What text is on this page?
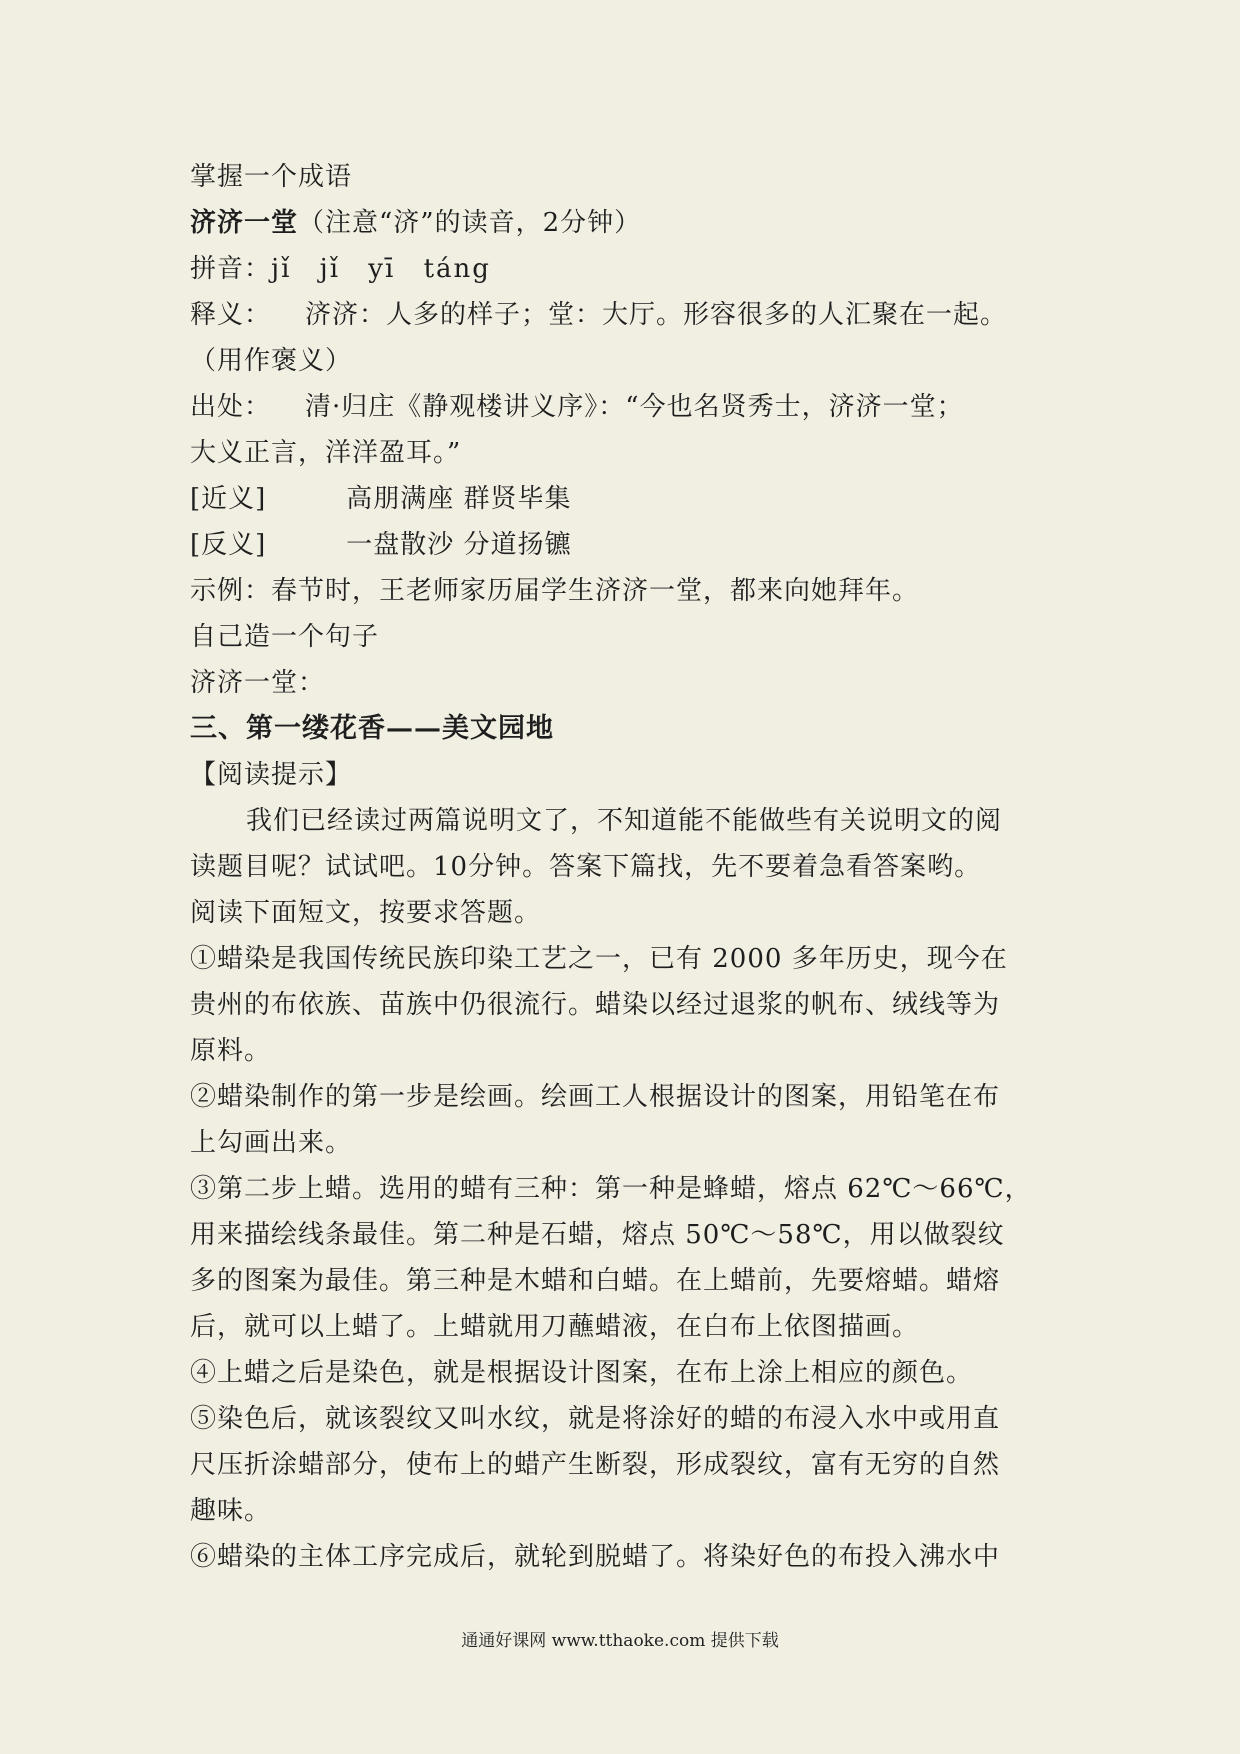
掌握一个成语
济济一堂（注意“济”的读音，2分钟）
拼音：jǐ jǐ yī táng
释义： 济济：人多的样子；堂：大厅。形容很多的人汇聚在一起。
（用作褒义）
出处： 清·归庄《静观楼讲义序》：“今也名贤秀士，济济一堂；
大义正言，洋洋盈耳。”
[近义]	高朋满座 群贤毕集
[反义]	一盘散沙 分道扬镳
示例：春节时，王老师家历届学生济济一堂，都来向她拜年。
自己造一个句子
济济一堂：
三、第一缕花香——美文园地
【阅读提示】
我们已经读过两篇说明文了，不知道能不能做些有关说明文的阅
读题目呢？试试吧。10分钟。答案下篇找，先不要着急看答案哟。
阅读下面短文，按要求答题。
①蜡染是我国传统民族印染工艺之一，已有 2000 多年历史，现今在
贵州的布依族、苗族中仍很流行。蜡染以经过退浆的帆布、绒线等为
原料。
②蜡染制作的第一步是绘画。绘画工人根据设计的图案，用铅笔在布
上勾画出来。
③第二步上蜡。选用的蜡有三种：第一种是蜂蜡，熔点 62℃～66℃，
用来描绘线条最佳。第二种是石蜡，熔点 50℃～58℃，用以做裂纹
多的图案为最佳。第三种是木蜡和白蜡。在上蜡前，先要熔蜡。蜡熔
后，就可以上蜡了。上蜡就用刀蘸蜡液，在白布上依图描画。
④上蜡之后是染色，就是根据设计图案，在布上涂上相应的颜色。
⑤染色后，就该裂纹又叫水纹，就是将涂好的蜡的布浸入水中或用直
尺压折涂蜡部分，使布上的蜡产生断裂，形成裂纹，富有无穷的自然
趣味。
⑥蜡染的主体工序完成后，就轮到脱蜡了。将染好色的布投入沸水中
通通好课网 www.tthaoke.com 提供下载
